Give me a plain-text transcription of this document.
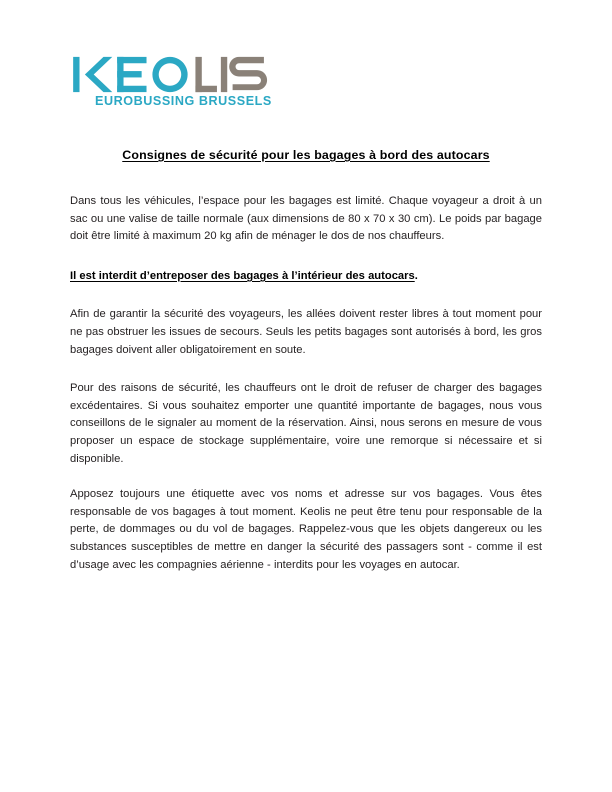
EUROBUSSING BRUSSELS
Consignes de sécurité pour les bagages à bord des autocars

Dans tous les véhicules, l’espace pour les bagages est limité. Chaque voyageur a droit à un sac ou une valise de taille normale (aux dimensions de 80 x 70 x 30 cm). Le poids par bagage doit être limité à maximum 20 kg afin de ménager le dos de nos chauffeurs.

Il est interdit d’entreposer des bagages à l’intérieur des autocars.

Afin de garantir la sécurité des voyageurs, les allées doivent rester libres à tout moment pour ne pas obstruer les issues de secours. Seuls les petits bagages sont autorisés à bord, les gros bagages doivent aller obligatoirement en soute.

Pour des raisons de sécurité, les chauffeurs ont le droit de refuser de charger des bagages excédentaires. Si vous souhaitez emporter une quantité importante de bagages, nous vous conseillons de le signaler au moment de la réservation. Ainsi, nous serons en mesure de vous proposer un espace de stockage supplémentaire, voire une remorque si nécessaire et si disponible.

Apposez toujours une étiquette avec vos noms et adresse sur vos bagages. Vous êtes responsable de vos bagages à tout moment. Keolis ne peut être tenu pour responsable de la perte, de dommages ou du vol de bagages. Rappelez-vous que les objets dangereux ou les substances susceptibles de mettre en danger la sécurité des passagers sont - comme il est d’usage avec les compagnies aérienne - interdits pour les voyages en autocar.
